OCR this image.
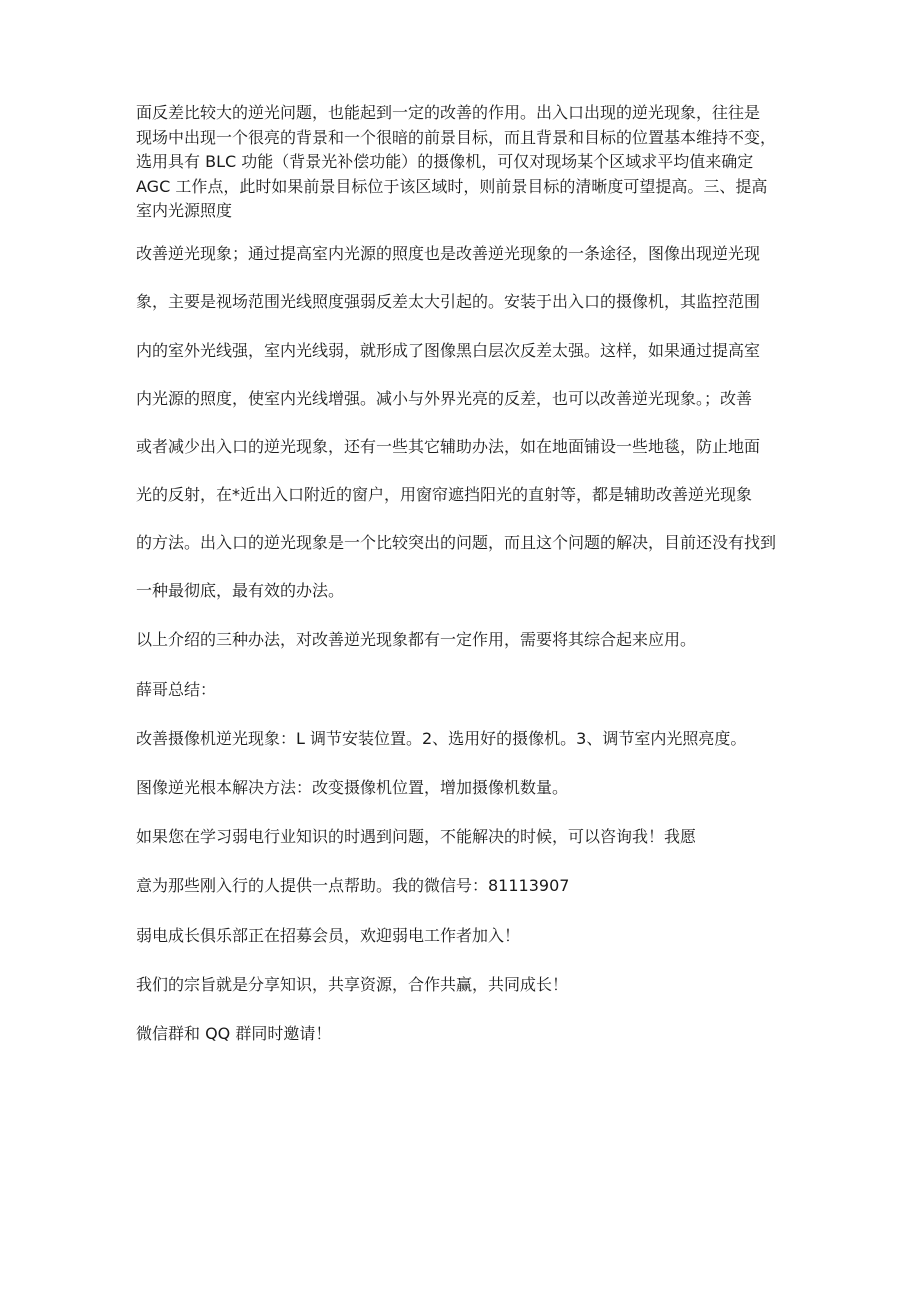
面反差比较大的逆光问题，也能起到一定的改善的作用。出入口出现的逆光现象，往往是
现场中出现一个很亮的背景和一个很暗的前景目标，而且背景和目标的位置基本维持不变，
选用具有 BLC 功能（背景光补偿功能）的摄像机，可仅对现场某个区域求平均值来确定
AGC 工作点，此时如果前景目标位于该区域时，则前景目标的清晰度可望提高。三、提高
室内光源照度
改善逆光现象；通过提高室内光源的照度也是改善逆光现象的一条途径，图像出现逆光现
象，主要是视场范围光线照度强弱反差太大引起的。安装于出入口的摄像机，其监控范围
内的室外光线强，室内光线弱，就形成了图像黑白层次反差太强。这样，如果通过提高室
内光源的照度，使室内光线增强。减小与外界光亮的反差，也可以改善逆光现象。；改善
或者减少出入口的逆光现象，还有一些其它辅助办法，如在地面铺设一些地毯，防止地面
光的反射，在*近出入口附近的窗户，用窗帘遮挡阳光的直射等，都是辅助改善逆光现象
的方法。出入口的逆光现象是一个比较突出的问题，而且这个问题的解决，目前还没有找到
一种最彻底，最有效的办法。
以上介绍的三种办法，对改善逆光现象都有一定作用，需要将其综合起来应用。
薛哥总结：
改善摄像机逆光现象：L 调节安装位置。2、选用好的摄像机。3、调节室内光照亮度。
图像逆光根本解决方法：改变摄像机位置，增加摄像机数量。
如果您在学习弱电行业知识的时遇到问题，不能解决的时候，可以咨询我！我愿
意为那些刚入行的人提供一点帮助。我的微信号：81113907
弱电成长俱乐部正在招募会员，欢迎弱电工作者加入！
我们的宗旨就是分享知识，共享资源，合作共赢，共同成长！
微信群和 QQ 群同时邀请！
